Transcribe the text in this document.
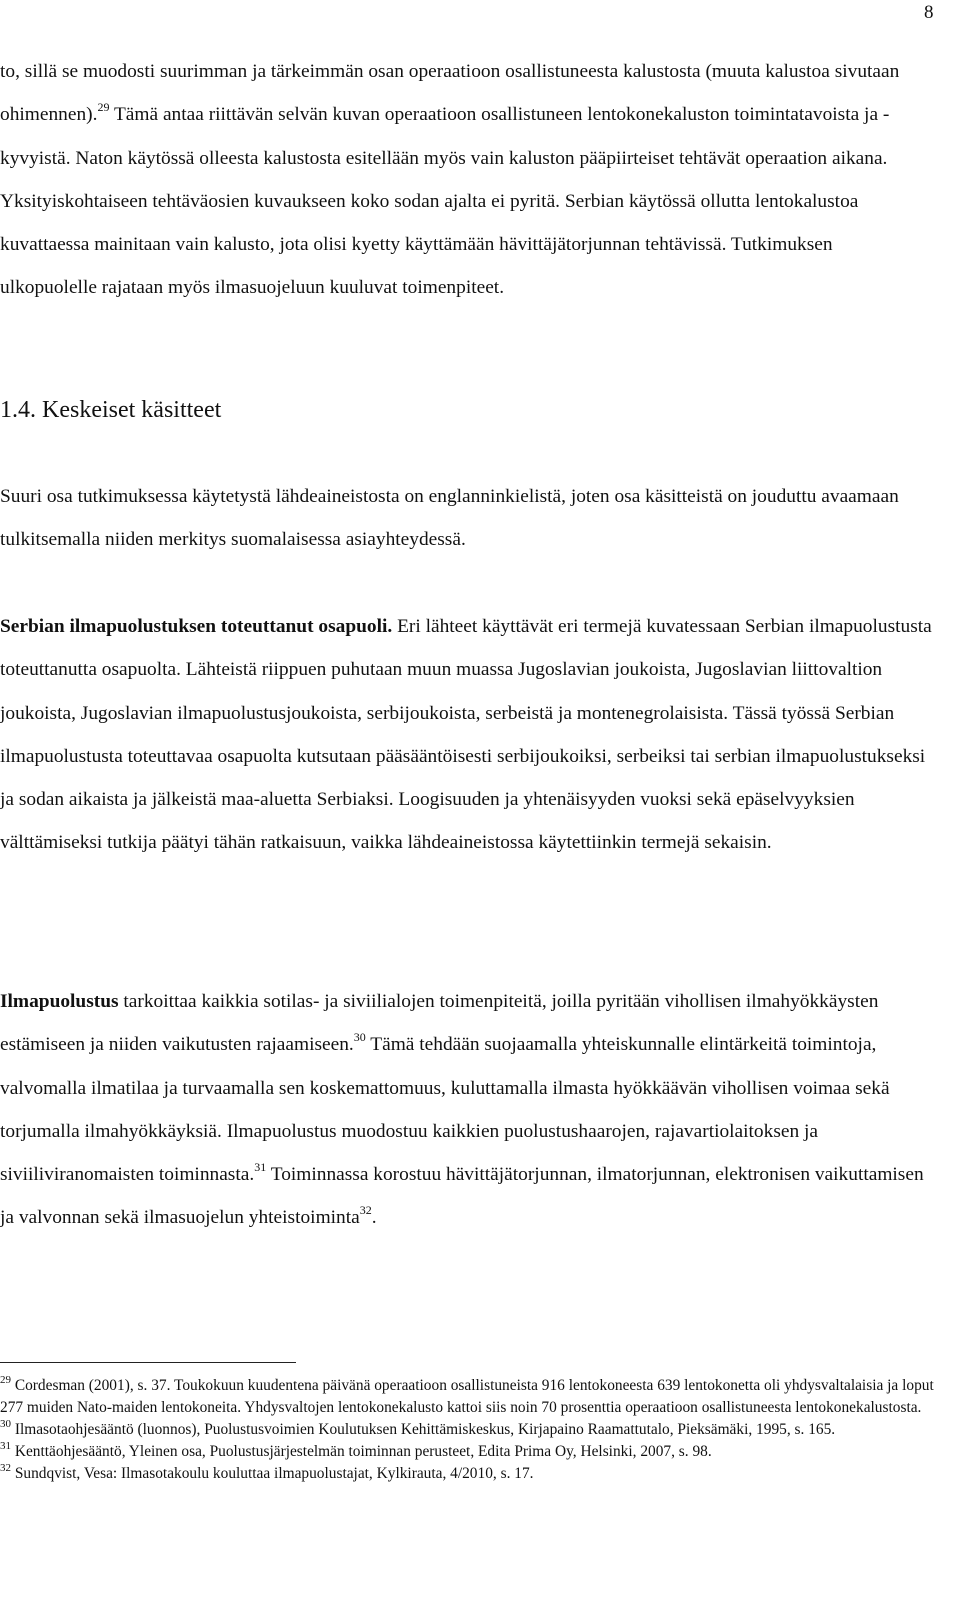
8

to, sillä se muodosti suurimman ja tärkeimmän osan operaatioon osallistuneesta kalustosta (muuta kalustoa sivutaan ohimennen).$^{29}$ Tämä antaa riittävän selvän kuvan operaatioon osallistuneen lentokonekaluston toimintatavoista ja -kyvyistä. Naton käytössä olleesta kalustosta esitellään myös vain kaluston pääpiirteiset tehtävät operaation aikana. Yksityiskohtaiseen tehtäväosien kuvaukseen koko sodan ajalta ei pyritä. Serbian käytössä ollutta lentokalustoa kuvattaessa mainitaan vain kalusto, jota olisi kyetty käyttämään hävittäjätorjunnan tehtävissä. Tutkimuksen ulkopuolelle rajataan myös ilmasuojeluun kuuluvat toimenpiteet.

1.4. Keskeiset käsitteet

Suuri osa tutkimuksessa käytetystä lähdeaineistosta on englanninkielistä, joten osa käsitteistä on jouduttu avaamaan tulkitsemalla niiden merkitys suomalaisessa asiayhteydessä.

Serbian ilmapuolustuksen toteuttanut osapuoli. Eri lähteet käyttävät eri termejä kuvatessaan Serbian ilmapuolustusta toteuttanutta osapuolta. Lähteistä riippuen puhutaan muun muassa Jugoslavian joukoista, Jugoslavian liittovaltion joukoista, Jugoslavian ilmapuolustusjoukoista, serbijoukoista, serbeistä ja montenegrolaisista. Tässä työssä Serbian ilmapuolustusta toteuttavaa osapuolta kutsutaan pääsääntöisesti serbijoukoiksi, serbeiksi tai serbian ilmapuolustukseksi ja sodan aikaista ja jälkeistä maa-aluetta Serbiaksi. Loogisuuden ja yhtenäisyyden vuoksi sekä epäselvyyksien välttämiseksi tutkija päätyi tähän ratkaisuun, vaikka lähdeaineistossa käytettiinkin termejä sekaisin.

Ilmapuolustus tarkoittaa kaikkia sotilas- ja siviilialojen toimenpiteitä, joilla pyritään vihollisen ilmahyökkäysten estämiseen ja niiden vaikutusten rajaamiseen.$^{30}$ Tämä tehdään suojaamalla yhteiskunnalle elintärkeitä toimintoja, valvomalla ilmatilaa ja turvaamalla sen koskemattomuus, kuluttamalla ilmasta hyökkäävän vihollisen voimaa sekä torjumalla ilmahyökkäyksiä. Ilmapuolustus muodostuu kaikkien puolustushaarojen, rajavartiolaitoksen ja siviiliviranomaisten toiminnasta.$^{31}$ Toiminnassa korostuu hävittäjätorjunnan, ilmatorjunnan, elektronisen vaikuttamisen ja valvonnan sekä ilmasuojelun yhteistoiminta$^{32}$.

$^{29}$ Cordesman (2001), s. 37. Toukokuun kuudentena päivänä operaatioon osallistuneista 916 lentokoneesta 639 lentokonetta oli yhdysvaltalaisia ja loput 277 muiden Nato-maiden lentokoneita. Yhdysvaltojen lentokonekalusto kattoi siis noin 70 prosenttia operaatioon osallistuneesta lentokonekalustosta.

$^{30}$ Ilmasotaohjesääntö (luonnos), Puolustusvoimien Koulutuksen Kehittämiskeskus, Kirjapaino Raamattutalo, Pieksämäki, 1995, s. 165.

$^{31}$ Kenttäohjesääntö, Yleinen osa, Puolustusjärjestelmän toiminnan perusteet, Edita Prima Oy, Helsinki, 2007, s. 98.

$^{32}$ Sundqvist, Vesa: Ilmasotakoulu kouluttaa ilmapuolustajat, Kylkirauta, 4/2010, s. 17.
